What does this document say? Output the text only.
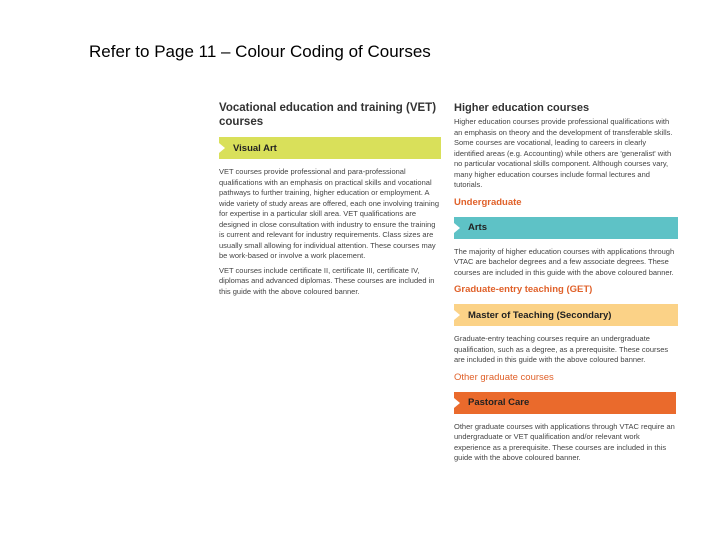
Refer to Page 11 – Colour Coding of Courses
Vocational education and training (VET) courses
Visual Art

VET courses provide professional and para-professional qualifications with an emphasis on practical skills and vocational pathways to further training, higher education or employment. A wide variety of study areas are offered, each one involving training for expertise in a particular skill area. VET qualifications are designed in close consultation with industry to ensure the training is current and relevant for industry requirements. Class sizes are usually small allowing for individual attention. These courses may be work-based or involve a work placement.

VET courses include certificate II, certificate III, certificate IV, diplomas and advanced diplomas. These courses are included in this guide with the above coloured banner.

Higher education courses

Higher education courses provide professional qualifications with an emphasis on theory and the development of transferable skills. Some courses are vocational, leading to careers in clearly identified areas (e.g. Accounting) while others are 'generalist' with no particular vocational skills component. Although courses vary, many higher education courses include formal lectures and tutorials.

Undergraduate
Arts

The majority of higher education courses with applications through VTAC are bachelor degrees and a few associate degrees. These courses are included in this guide with the above coloured banner.

Graduate-entry teaching (GET)
Master of Teaching (Secondary)

Graduate-entry teaching courses require an undergraduate qualification, such as a degree, as a prerequisite. These courses are included in this guide with the above coloured banner.

Other graduate courses
Pastoral Care

Other graduate courses with applications through VTAC require an undergraduate or VET qualification and/or relevant work experience as a prerequisite. These courses are included in this guide with the above coloured banner.
